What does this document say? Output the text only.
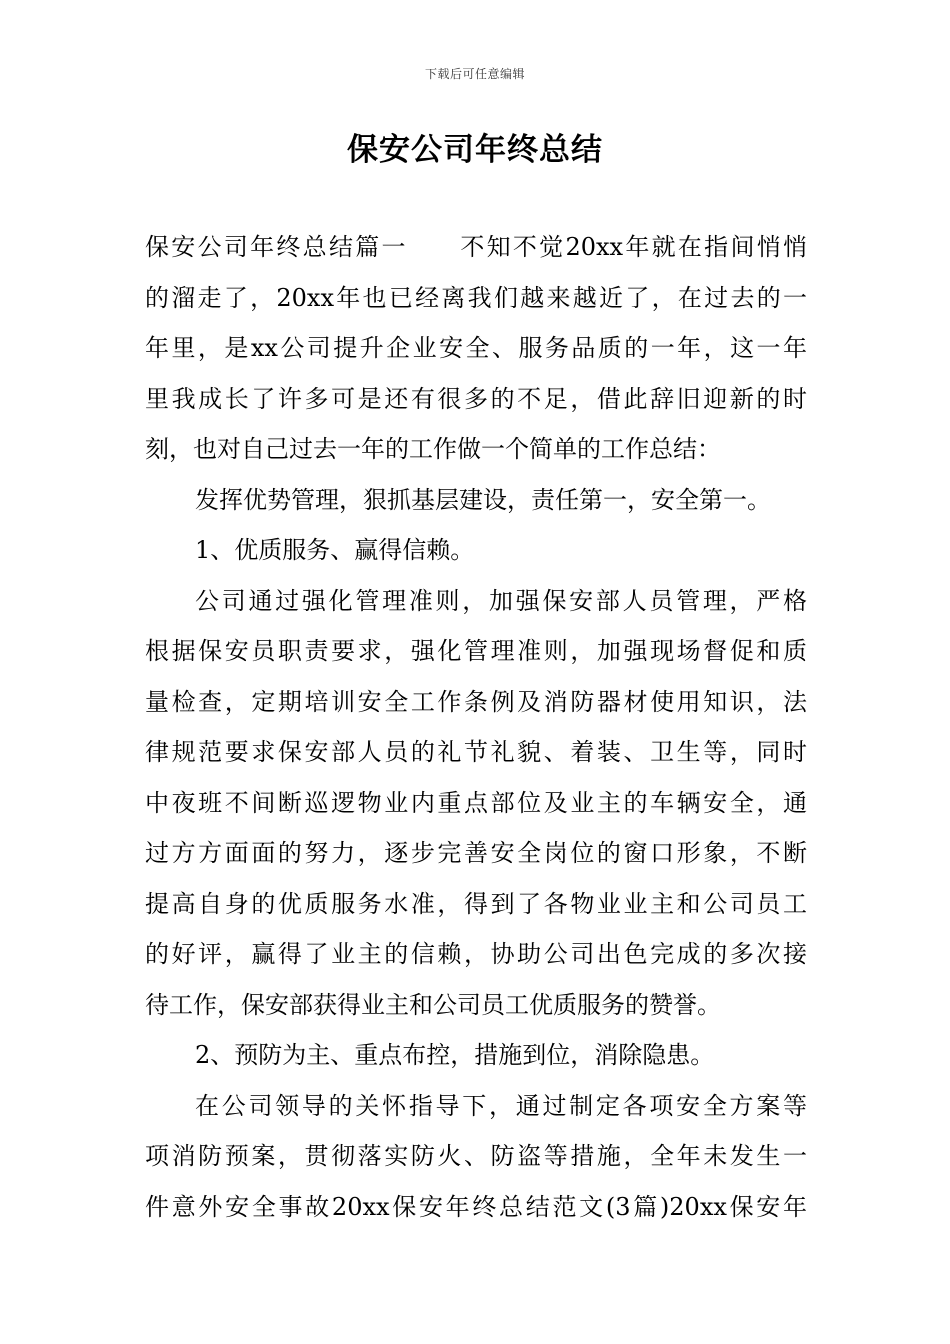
下载后可任意编辑
保安公司年终总结
保安公司年终总结篇一　　不知不觉20xx年就在指间悄悄
的溜走了，20xx年也已经离我们越来越近了，在过去的一
年里，是xx公司提升企业安全、服务品质的一年，这一年
里我成长了许多可是还有很多的不足，借此辞旧迎新的时
刻，也对自己过去一年的工作做一个简单的工作总结：
发挥优势管理，狠抓基层建设，责任第一，安全第一。
1、优质服务、赢得信赖。
公司通过强化管理准则，加强保安部人员管理，严格
根据保安员职责要求，强化管理准则，加强现场督促和质
量检查，定期培训安全工作条例及消防器材使用知识，法
律规范要求保安部人员的礼节礼貌、着装、卫生等，同时
中夜班不间断巡逻物业内重点部位及业主的车辆安全，通
过方方面面的努力，逐步完善安全岗位的窗口形象，不断
提高自身的优质服务水准，得到了各物业业主和公司员工
的好评，赢得了业主的信赖，协助公司出色完成的多次接
待工作，保安部获得业主和公司员工优质服务的赞誉。
2、预防为主、重点布控，措施到位，消除隐患。
在公司领导的关怀指导下，通过制定各项安全方案等
项消防预案，贯彻落实防火、防盗等措施，全年未发生一
件意外安全事故20xx保安年终总结范文(3篇)20xx保安年
